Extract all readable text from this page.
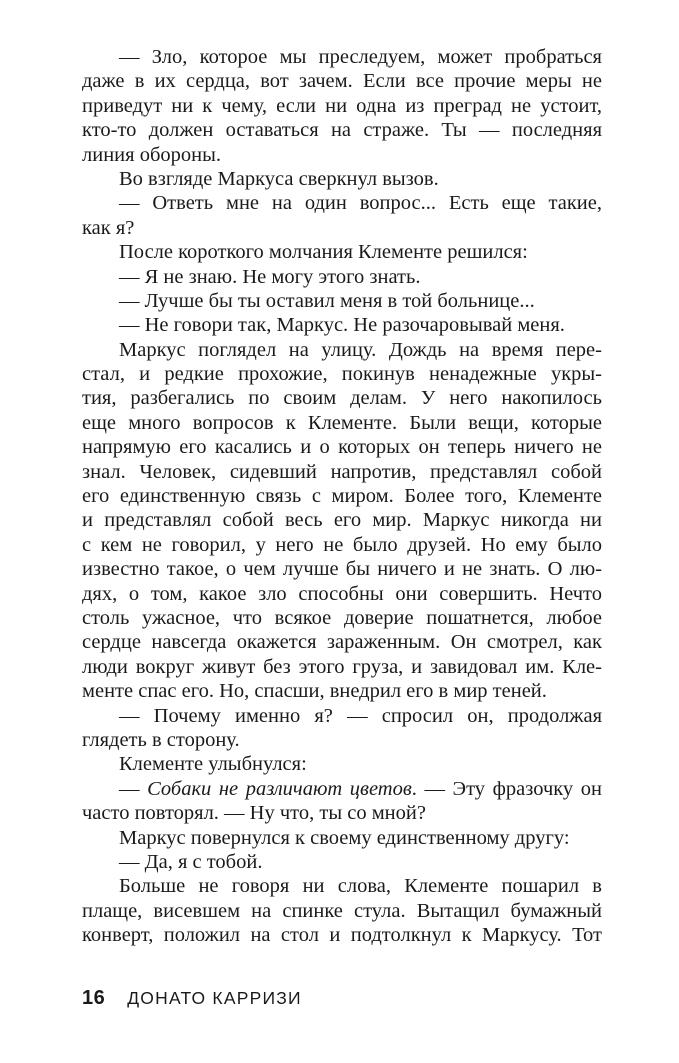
— Зло, которое мы преследуем, может пробраться
даже в их сердца, вот зачем. Если все прочие меры не
приведут ни к чему, если ни одна из преград не устоит,
кто-то должен оставаться на страже. Ты — последняя
линия обороны.
Во взгляде Маркуса сверкнул вызов.
— Ответь мне на один вопрос... Есть еще такие,
как я?
После короткого молчания Клементе решился:
— Я не знаю. Не могу этого знать.
— Лучше бы ты оставил меня в той больнице...
— Не говори так, Маркус. Не разочаровывай меня.
Маркус поглядел на улицу. Дождь на время пере-
стал, и редкие прохожие, покинув ненадежные укры-
тия, разбегались по своим делам. У него накопилось
еще много вопросов к Клементе. Были вещи, которые
напрямую его касались и о которых он теперь ничего не
знал. Человек, сидевший напротив, представлял собой
его единственную связь с миром. Более того, Клементе
и представлял собой весь его мир. Маркус никогда ни
с кем не говорил, у него не было друзей. Но ему было
известно такое, о чем лучше бы ничего и не знать. О лю-
дях, о том, какое зло способны они совершить. Нечто
столь ужасное, что всякое доверие пошатнется, любое
сердце навсегда окажется зараженным. Он смотрел, как
люди вокруг живут без этого груза, и завидовал им. Кле-
менте спас его. Но, спасши, внедрил его в мир теней.
— Почему именно я? — спросил он, продолжая
глядеть в сторону.
Клементе улыбнулся:
— Собаки не различают цветов. — Эту фразочку он
часто повторял. — Ну что, ты со мной?
Маркус повернулся к своему единственному другу:
— Да, я с тобой.
Больше не говоря ни слова, Клементе пошарил в
плаще, висевшем на спинке стула. Вытащил бумажный
конверт, положил на стол и подтолкнул к Маркусу. Тот
16 ДОНАТО КАРРИЗИ
